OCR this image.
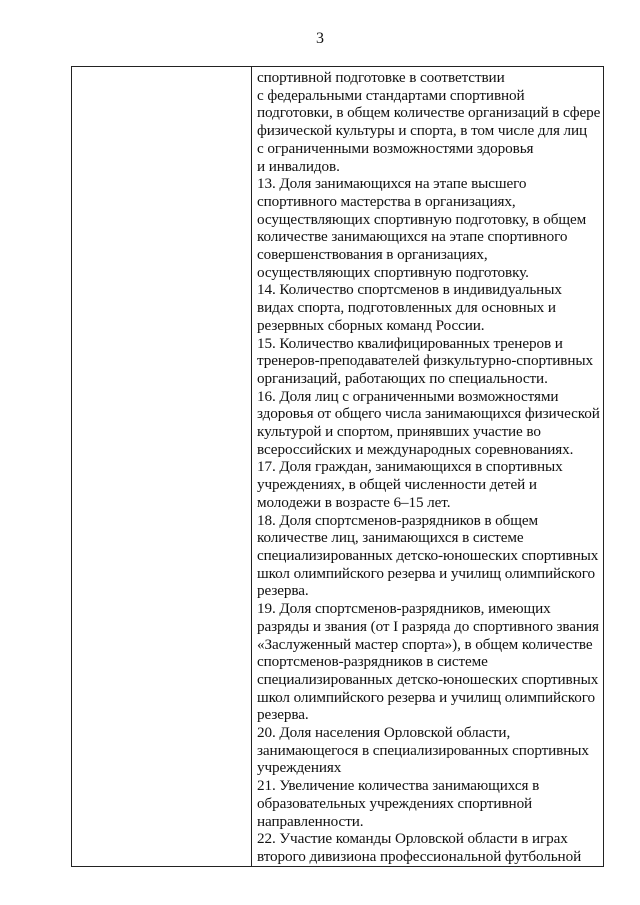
3

спортивной подготовке в соответствии
с федеральными стандартами спортивной
подготовки, в общем количестве организаций в сфере
физической культуры и спорта, в том числе для лиц
с ограниченными возможностями здоровья
и инвалидов.
13. Доля занимающихся на этапе высшего
спортивного мастерства в организациях,
осуществляющих спортивную подготовку, в общем
количестве занимающихся на этапе спортивного
совершенствования в организациях,
осуществляющих спортивную подготовку.
14. Количество спортсменов в индивидуальных
видах спорта, подготовленных для основных и
резервных сборных команд России.
15. Количество квалифицированных тренеров и
тренеров-преподавателей физкультурно-спортивных
организаций, работающих по специальности.
16. Доля лиц с ограниченными возможностями
здоровья от общего числа занимающихся физической
культурой и спортом, принявших участие во
всероссийских и международных соревнованиях.
17. Доля граждан, занимающихся в спортивных
учреждениях, в общей численности детей и
молодежи в возрасте 6–15 лет.
18. Доля спортсменов-разрядников в общем
количестве лиц, занимающихся в системе
специализированных детско-юношеских спортивных
школ олимпийского резерва и училищ олимпийского
резерва.
19. Доля спортсменов-разрядников, имеющих
разряды и звания (от I разряда до спортивного звания
«Заслуженный мастер спорта»), в общем количестве
спортсменов-разрядников в системе
специализированных детско-юношеских спортивных
школ олимпийского резерва и училищ олимпийского
резерва.
20. Доля населения Орловской области,
занимающегося в специализированных спортивных
учреждениях
21. Увеличение количества занимающихся в
образовательных учреждениях спортивной
направленности.
22. Участие команды Орловской области в играх
второго дивизиона профессиональной футбольной
